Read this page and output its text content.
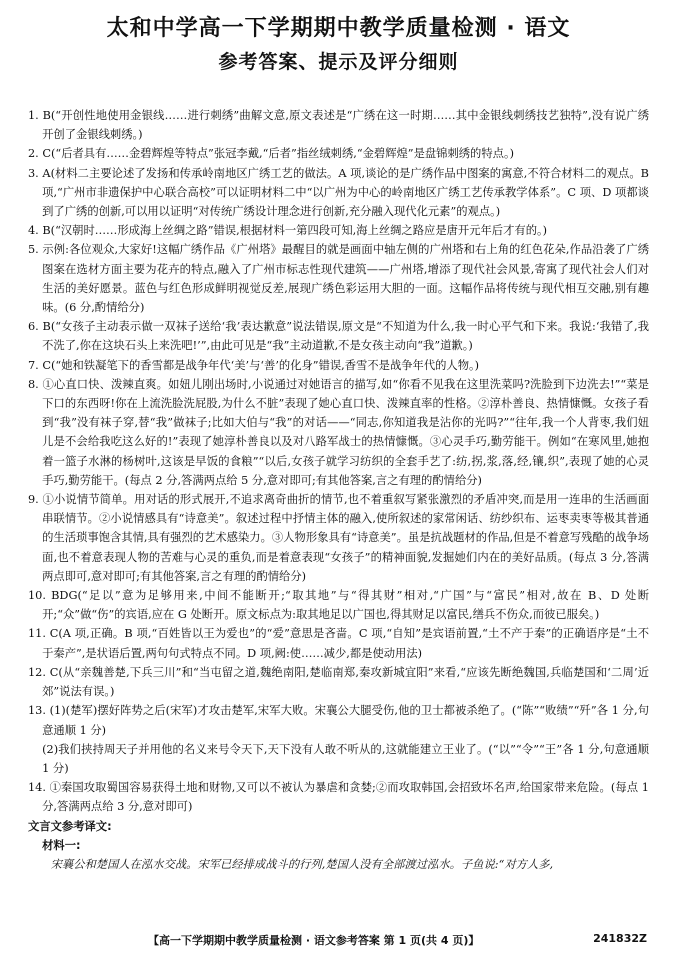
太和中学高一下学期期中教学质量检测 · 语文
参考答案、提示及评分细则
1. B(“开创性地使用金银线……进行刺绣”曲解文意,原文表述是“广绣在这一时期……其中金银线刺绣技艺独特”,没有说广绣开创了金银线刺绣。)
2. C(“后者具有……金碧辉煌等特点”张冠李戴,“后者”指丝绒刺绣,“金碧辉煌”是盘锦刺绣的特点。)
3. A(材料二主要论述了发扬和传承岭南地区广绣工艺的做法。A 项,谈论的是广绣作品中图案的寓意,不符合材料二的观点。B 项,“广州市非遗保护中心联合高校”可以证明材料二中“以广州为中心的岭南地区广绣工艺传承教学体系”。C 项、D 项都谈到了广绣的创新,可以用以证明“对传统广绣设计理念进行创新,充分融入现代化元素”的观点。)
4. B(“汉朝时……形成海上丝绸之路”错误,根据材料一第四段可知,海上丝绸之路应是唐开元年后才有的。)
5. 示例:各位观众,大家好!这幅广绣作品《广州塔》最醒目的就是画面中轴左侧的广州塔和右上角的红色花朵,作品沿袭了广绣图案在选材方面主要为花卉的特点,融入了广州市标志性现代建筑——广州塔,增添了现代社会风景,寄寓了现代社会人们对生活的美好愿景。蓝色与红色形成鲜明视觉反差,展现广绣色彩运用大胆的一面。这幅作品将传统与现代相互交融,别有趣味。(6 分,酌情给分)
6. B(“女孩子主动表示做一双袜子送给‘我’表达歉意”说法错误,原文是“不知道为什么,我一时心平气和下来。我说:‘我错了,我不洗了,你在这块石头上来洗吧!’”,由此可见是“我”主动道歉,不是女孩主动向“我”道歉。)
7. C(“她和铁凝笔下的香雪都是战争年代‘美’与‘善’的化身”错误,香雪不是战争年代的人物。)
8. ①心直口快、泼辣直爽。如妞儿刚出场时,小说通过对她语言的描写,如“你看不见我在这里洗菜吗?洗脸到下边洗去!”“菜是下口的东西呀!你在上流洗脸洗屁股,为什么不脏”表现了她心直口快、泼辣直率的性格。②淳朴善良、热情慷慨。女孩子看到“我”没有袜子穿,替“我”做袜子;比如大伯与“我”的对话——“同志,你知道我是沾你的光吗?”“往年,我一个人背枣,我们妞儿是不会给我吃这么好的!”表现了她淳朴善良以及对八路军战士的热情慷慨。③心灵手巧,勤劳能干。例如“在寒风里,她抱着一篮子水淋的杨树叶,这该是早饭的食粮”“以后,女孩子就学习纺织的全套手艺了:纺,拐,浆,落,经,镶,织”,表现了她的心灵手巧,勤劳能干。(每点 2 分,答满两点给 5 分,意对即可;有其他答案,言之有理的酌情给分)
9. ①小说情节简单。用对话的形式展开,不追求离奇曲折的情节,也不着重叙写紧张激烈的矛盾冲突,而是用一连串的生活画面串联情节。②小说情感具有“诗意美”。叙述过程中抒情主体的融入,使所叙述的家常闲话、纺纱织布、运枣卖枣等极其普通的生活琐事饱含其情,具有强烈的艺术感染力。③人物形象具有“诗意美”。虽是抗战题材的作品,但是不着意写残酷的战争场面,也不着意表现人物的苦难与心灵的重负,而是着意表现“女孩子”的精神面貌,发掘她们内在的美好品质。(每点 3 分,答满两点即可,意对即可;有其他答案,言之有理的酌情给分)
10. BDG(“足以”意为足够用来,中间不能断开;“取其地”与“得其财”相对,“广国”与“富民”相对,故在 B、D 处断开;“众”做“伤”的宾语,应在 G 处断开。原文标点为:取其地足以广国也,得其财足以富民,缮兵不伤众,而彼已服矣。)
11. C(A 项,正确。B 项,“百姓皆以王为爱也”的“爱”意思是吝啬。C 项,“自知”是宾语前置,“土不产于秦”的正确语序是“土不于秦产”,是状语后置,两句句式特点不同。D 项,阙:使……减少,都是使动用法)
12. C(从“亲魏善楚,下兵三川”和“当屯留之道,魏绝南阳,楚临南郑,秦攻新城宜阳”来看,“应该先断绝魏国,兵临楚国和‘二周’近郊”说法有误。)
13. (1)(楚军)摆好阵势之后(宋军)才攻击楚军,宋军大败。宋襄公大腿受伤,他的卫士都被杀绝了。(“陈”“败绩”“歼”各 1 分,句意通顺 1 分)
(2)我们挟持周天子并用他的名义来号令天下,天下没有人敢不听从的,这就能建立王业了。(“以”“令”“王”各 1 分,句意通顺 1 分)
14. ①秦国攻取蜀国容易获得土地和财物,又可以不被认为暴虐和贪婪;②而攻取韩国,会招致坏名声,给国家带来危险。(每点 1 分,答满两点给 3 分,意对即可)
文言文参考译文:
材料一:
宋襄公和楚国人在泓水交战。宋军已经排成战斗的行列,楚国人没有全部渡过泓水。子鱼说:“对方人多,
【高一下学期期中教学质量检测 · 语文参考答案 第 1 页(共 4 页)】	241832Z
